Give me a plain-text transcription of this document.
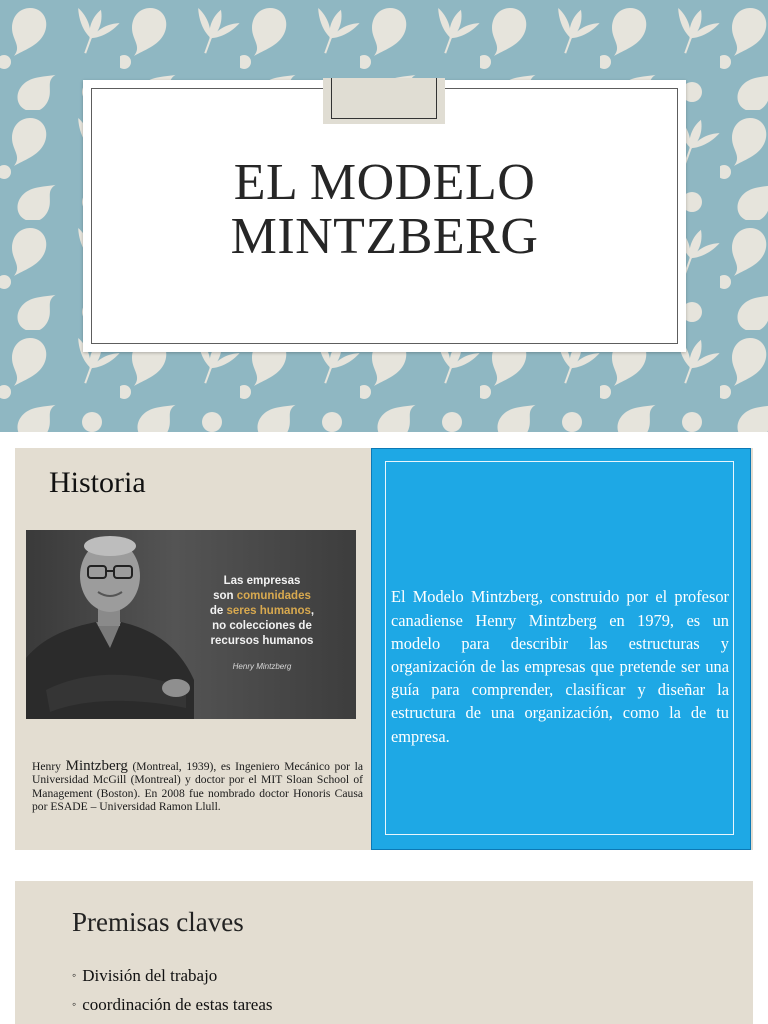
EL MODELO
MINTZBERG
Historia
Las empresas
son comunidades
de seres humanos,
no colecciones de
recursos humanos
Henry Mintzberg

Henry Mintzberg (Montreal, 1939), es Ingeniero Mecánico por la Universidad McGill (Montreal) y doctor por el MIT Sloan School of Management (Boston). En 2008 fue nombrado doctor Honoris Causa por ESADE – Universidad Ramon Llull.

El Modelo Mintzberg, construido por el profesor canadiense Henry Mintzberg en 1979, es un modelo para describir las estructuras y organización de las empresas que pretende ser una guía para comprender, clasificar y diseñar la estructura de una organización, como la de tu empresa.

Premisas claves
◦ División del trabajo
◦ coordinación de estas tareas
